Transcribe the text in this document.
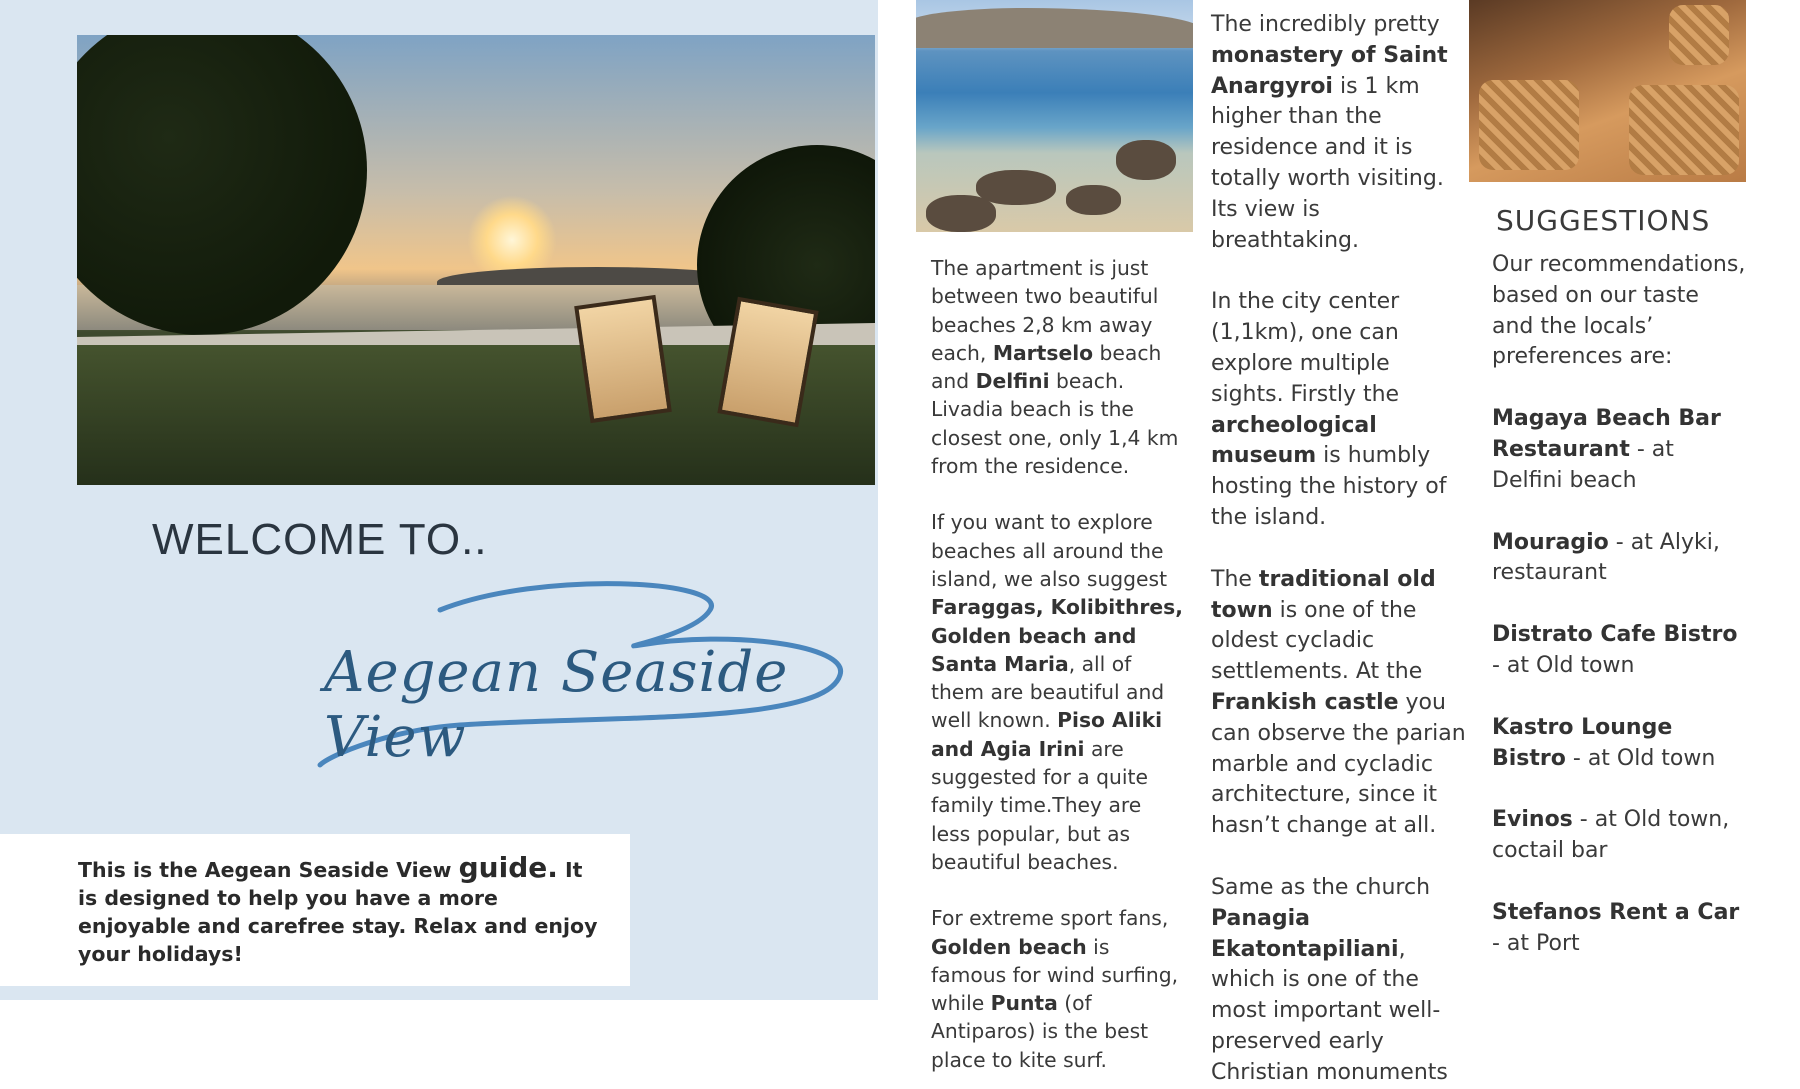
WELCOME TO..
Aegean Seaside View
This is the Aegean Seaside View guide. It is designed to help you have a more enjoyable and carefree stay. Relax and enjoy your holidays!

The apartment is just between two beautiful beaches 2,8 km away each, Martselo beach and Delfini beach. Livadia beach is the closest one, only 1,4 km from the residence.

If you want to explore beaches all around the island, we also suggest Faraggas, Kolibithres, Golden beach and Santa Maria, all of them are beautiful and well known. Piso Aliki and Agia Irini are suggested for a quite family time.They are less popular, but as beautiful beaches.

For extreme sport fans, Golden beach is famous for wind surfing, while Punta (of Antiparos) is the best place to kite surf.

The incredibly pretty monastery of Saint Anargyroi is 1 km higher than the residence and it is totally worth visiting. Its view is breathtaking.

In the city center (1,1km), one can explore multiple sights. Firstly the archeological museum is humbly hosting the history of the island.

The traditional old town is one of the oldest cycladic settlements. At the Frankish castle you can observe the parian marble and cycladic architecture, since it hasn’t change at all.

Same as the church Panagia Ekatontapiliani, which is one of the most important well-preserved early Christian monuments

SUGGESTIONS

Our recommendations, based on our taste and the locals’ preferences are:

Magaya Beach Bar Restaurant - at Delfini beach

Mouragio - at Alyki, restaurant

Distrato Cafe Bistro - at Old town

Kastro Lounge Bistro - at Old town

Evinos - at Old town, coctail bar

Stefanos Rent a Car - at Port
